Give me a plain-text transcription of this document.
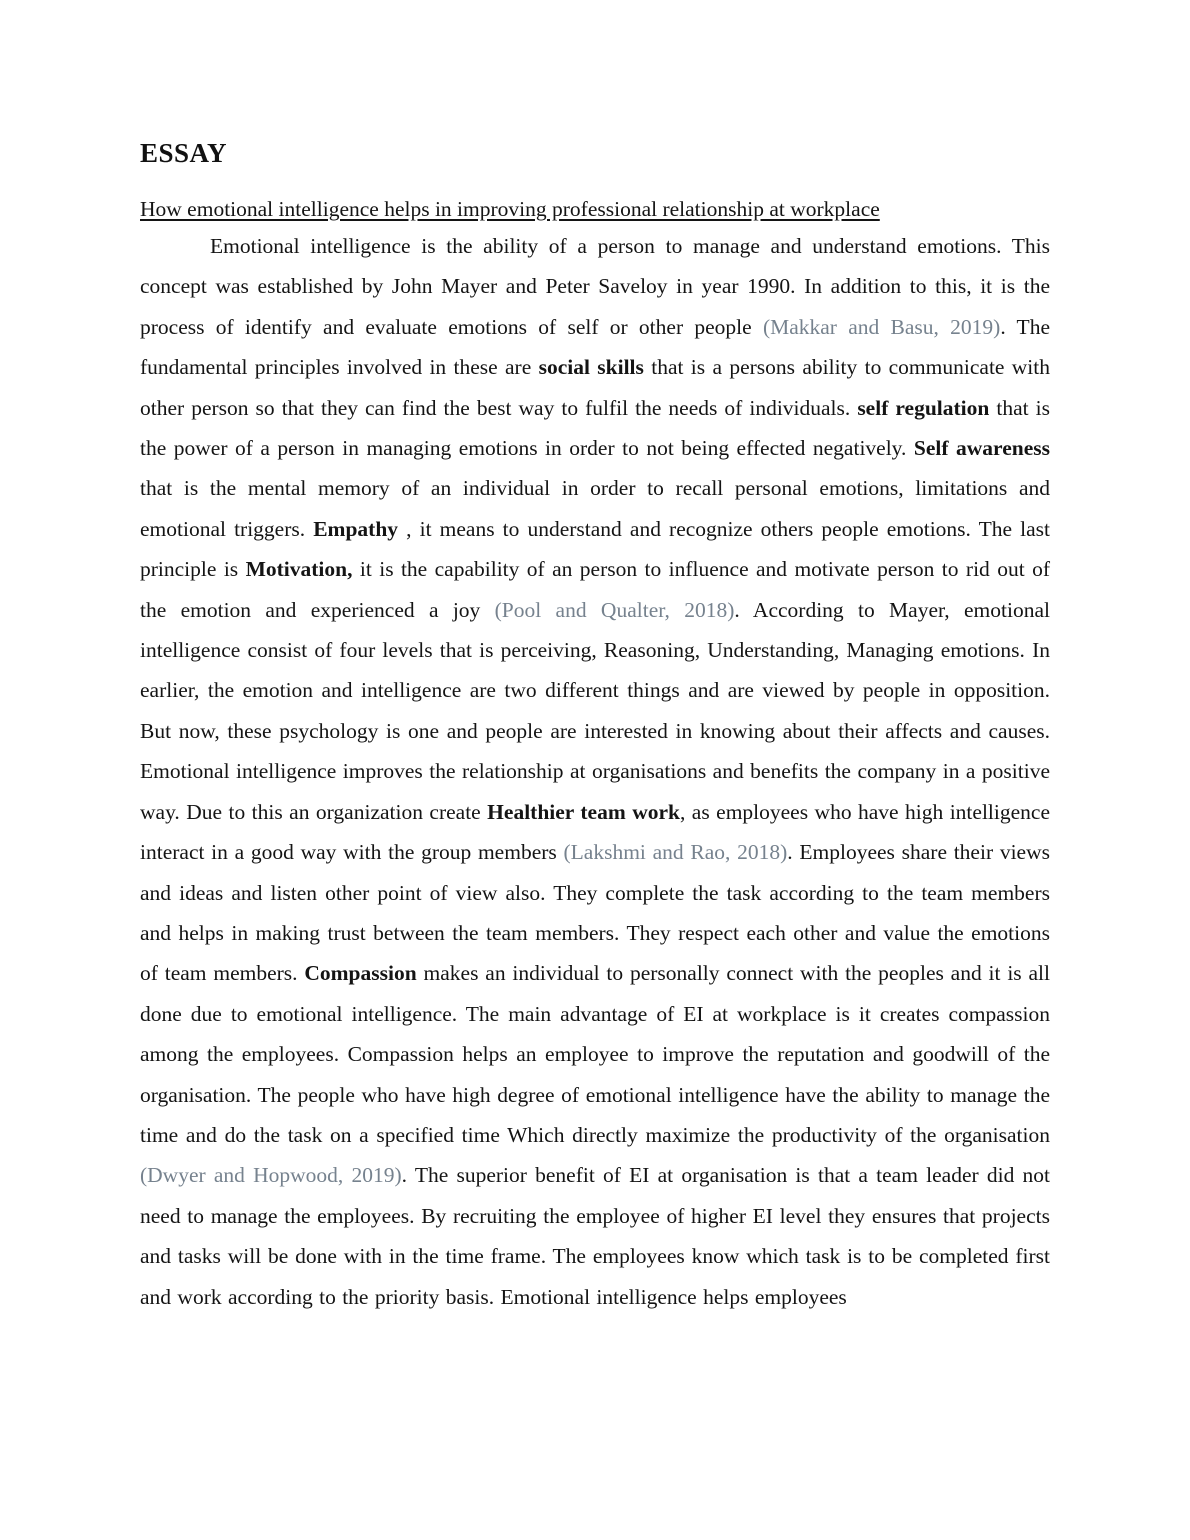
ESSAY
How emotional intelligence helps in improving professional relationship at workplace

Emotional intelligence is the ability of a person to manage and understand emotions. This concept was established by John Mayer and Peter Saveloy in year 1990. In addition to this, it is the process of identify and evaluate emotions of self or other people (Makkar and Basu, 2019). The fundamental principles involved in these are social skills that is a persons ability to communicate with other person so that they can find the best way to fulfil the needs of individuals. self regulation that is the power of a person in managing emotions in order to not being effected negatively. Self awareness that is the mental memory of an individual in order to recall personal emotions, limitations and emotional triggers. Empathy , it means to understand and recognize others people emotions. The last principle is Motivation, it is the capability of an person to influence and motivate person to rid out of the emotion and experienced a joy (Pool and Qualter, 2018). According to Mayer, emotional intelligence consist of four levels that is perceiving, Reasoning, Understanding, Managing emotions. In earlier, the emotion and intelligence are two different things and are viewed by people in opposition. But now, these psychology is one and people are interested in knowing about their affects and causes. Emotional intelligence improves the relationship at organisations and benefits the company in a positive way. Due to this an organization create Healthier team work, as employees who have high intelligence interact in a good way with the group members (Lakshmi and Rao, 2018). Employees share their views and ideas and listen other point of view also. They complete the task according to the team members and helps in making trust between the team members. They respect each other and value the emotions of team members. Compassion makes an individual to personally connect with the peoples and it is all done due to emotional intelligence. The main advantage of EI at workplace is it creates compassion among the employees. Compassion helps an employee to improve the reputation and goodwill of the organisation. The people who have high degree of emotional intelligence have the ability to manage the time and do the task on a specified time Which directly maximize the productivity of the organisation (Dwyer and Hopwood, 2019). The superior benefit of EI at organisation is that a team leader did not need to manage the employees. By recruiting the employee of higher EI level they ensures that projects and tasks will be done with in the time frame. The employees know which task is to be completed first and work according to the priority basis. Emotional intelligence helps employees
